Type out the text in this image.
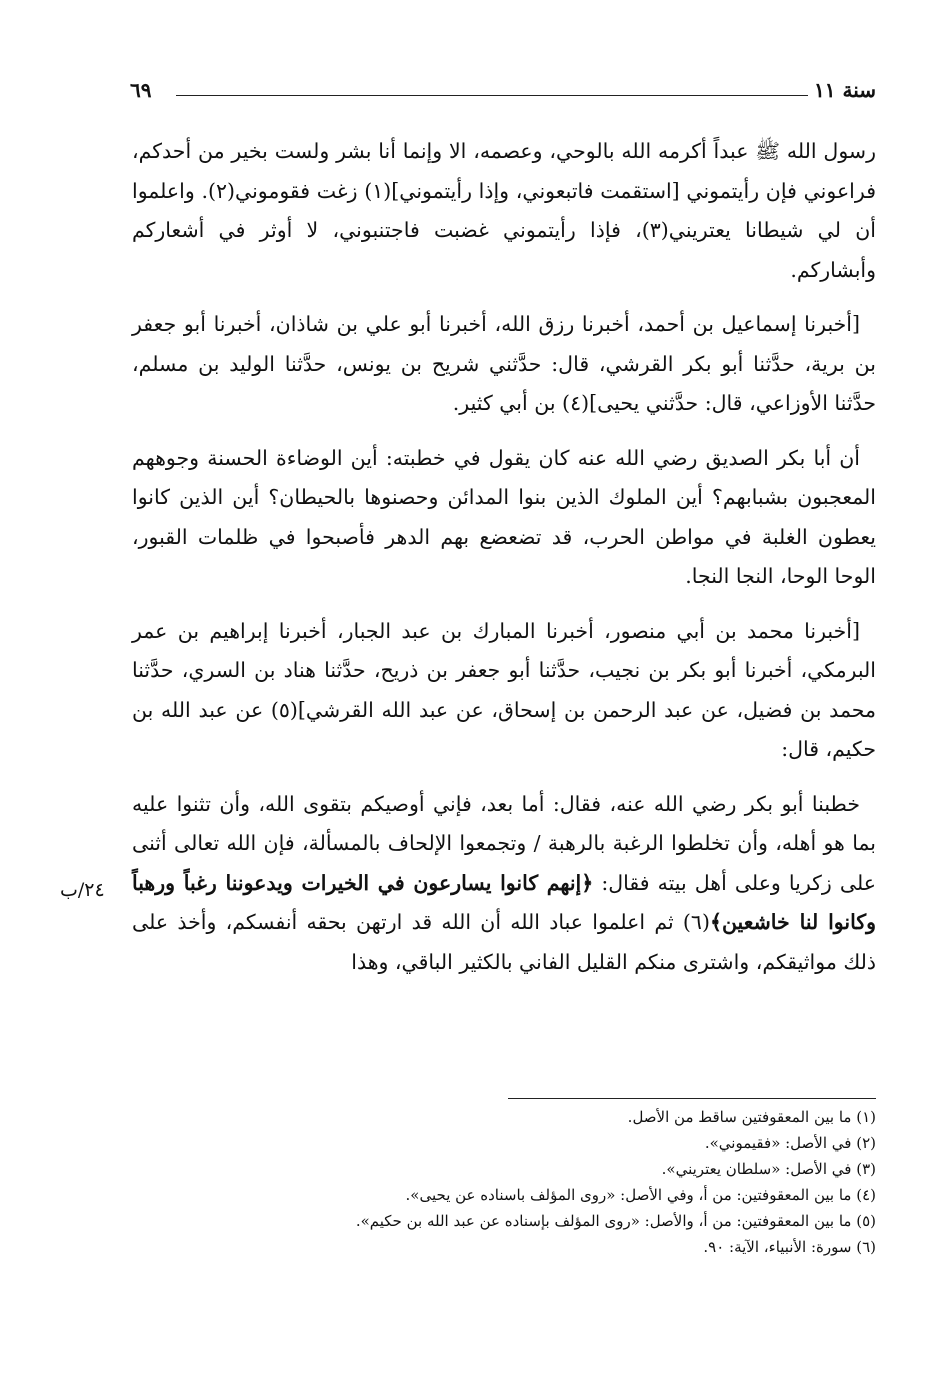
٦٩	سنة ١١
٢٤/ب

رسول الله ﷺ عبداً أكرمه الله بالوحي، وعصمه، الا وإنما أنا بشر ولست بخير من أحدكم، فراعوني فإن رأيتموني [استقمت فاتبعوني، وإذا رأيتموني](١) زغت فقوموني(٢). واعلموا أن لي شيطانا يعتريني(٣)، فإذا رأيتموني غضبت فاجتنبوني، لا أوثر في أشعاركم وأبشاركم.

[أخبرنا إسماعيل بن أحمد، أخبرنا رزق الله، أخبرنا أبو علي بن شاذان، أخبرنا أبو جعفر بن برية، حدَّثنا أبو بكر القرشي، قال: حدَّثني شريح بن يونس، حدَّثنا الوليد بن مسلم، حدَّثنا الأوزاعي، قال: حدَّثني يحيى](٤) بن أبي كثير.

أن أبا بكر الصديق رضي الله عنه كان يقول في خطبته: أين الوضاءة الحسنة وجوههم المعجبون بشبابهم؟ أين الملوك الذين بنوا المدائن وحصنوها بالحيطان؟ أين الذين كانوا يعطون الغلبة في مواطن الحرب، قد تضعضع بهم الدهر فأصبحوا في ظلمات القبور، الوحا الوحا، النجا النجا.

[أخبرنا محمد بن أبي منصور، أخبرنا المبارك بن عبد الجبار، أخبرنا إبراهيم بن عمر البرمكي، أخبرنا أبو بكر بن نجيب، حدَّثنا أبو جعفر بن ذريح، حدَّثنا هناد بن السري، حدَّثنا محمد بن فضيل، عن عبد الرحمن بن إسحاق، عن عبد الله القرشي](٥) عن عبد الله بن حكيم، قال:

خطبنا أبو بكر رضي الله عنه، فقال: أما بعد، فإني أوصيكم بتقوى الله، وأن تثنوا عليه بما هو أهله، وأن تخلطوا الرغبة بالرهبة / وتجمعوا الإلحاف بالمسألة، فإن الله تعالى أثنى على زكريا وعلى أهل بيته فقال: ﴿إنهم كانوا يسارعون في الخيرات ويدعوننا رغباً ورهباً وكانوا لنا خاشعين﴾(٦) ثم اعلموا عباد الله أن الله قد ارتهن بحقه أنفسكم، وأخذ على ذلك مواثيقكم، واشترى منكم القليل الفاني بالكثير الباقي، وهذا

(١) ما بين المعقوفتين ساقط من الأصل.
(٢) في الأصل: «فقيموني».
(٣) في الأصل: «سلطان يعتريني».
(٤) ما بين المعقوفتين: من أ، وفي الأصل: «روى المؤلف باسناده عن يحيى».
(٥) ما بين المعقوفتين: من أ، والأصل: «روى المؤلف بإسناده عن عبد الله بن حكيم».
(٦) سورة: الأنبياء، الآية: ٩٠.
